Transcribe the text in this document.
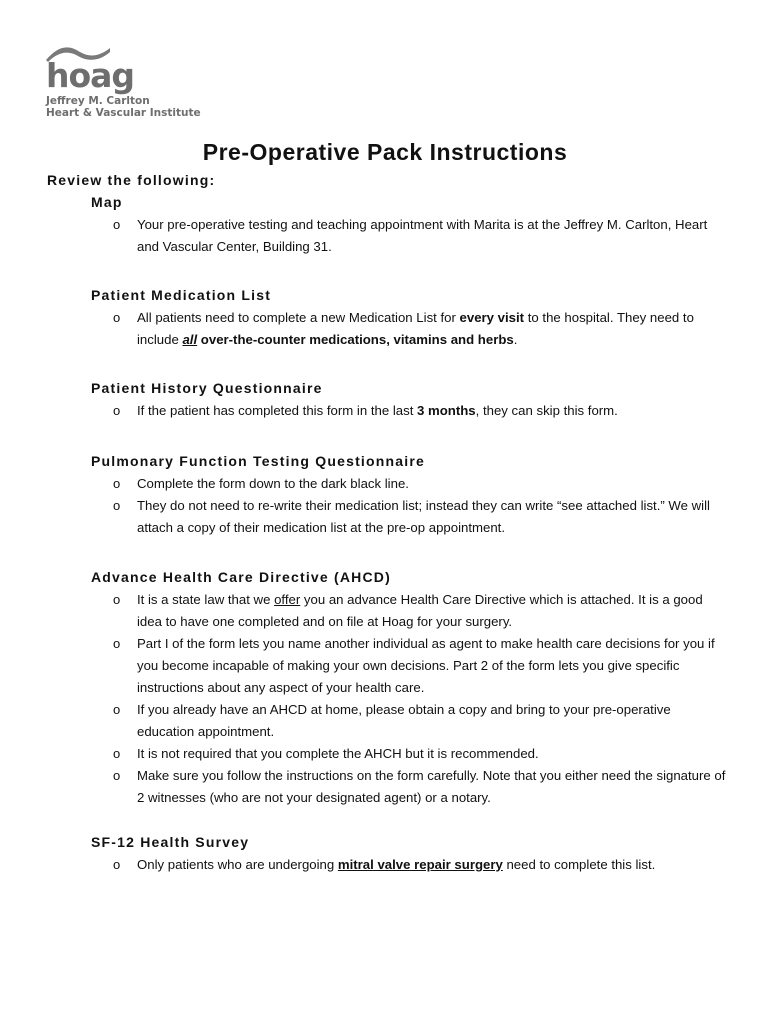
hoag
Jeffrey M. Carlton
Heart & Vascular Institute
Pre-Operative Pack Instructions
Review the following:
Map
o Your pre-operative testing and teaching appointment with Marita is at the Jeffrey M. Carlton, Heart and Vascular Center, Building 31.
Patient Medication List
o All patients need to complete a new Medication List for every visit to the hospital. They need to include all over-the-counter medications, vitamins and herbs.
Patient History Questionnaire
o If the patient has completed this form in the last 3 months, they can skip this form.
Pulmonary Function Testing Questionnaire
o Complete the form down to the dark black line.
o They do not need to re-write their medication list; instead they can write “see attached list.” We will attach a copy of their medication list at the pre-op appointment.
Advance Health Care Directive (AHCD)
o It is a state law that we offer you an advance Health Care Directive which is attached. It is a good idea to have one completed and on file at Hoag for your surgery.
o Part I of the form lets you name another individual as agent to make health care decisions for you if you become incapable of making your own decisions. Part 2 of the form lets you give specific instructions about any aspect of your health care.
o If you already have an AHCD at home, please obtain a copy and bring to your pre-operative education appointment.
o It is not required that you complete the AHCH but it is recommended.
o Make sure you follow the instructions on the form carefully. Note that you either need the signature of 2 witnesses (who are not your designated agent) or a notary.
SF-12 Health Survey
o Only patients who are undergoing mitral valve repair surgery need to complete this list.
